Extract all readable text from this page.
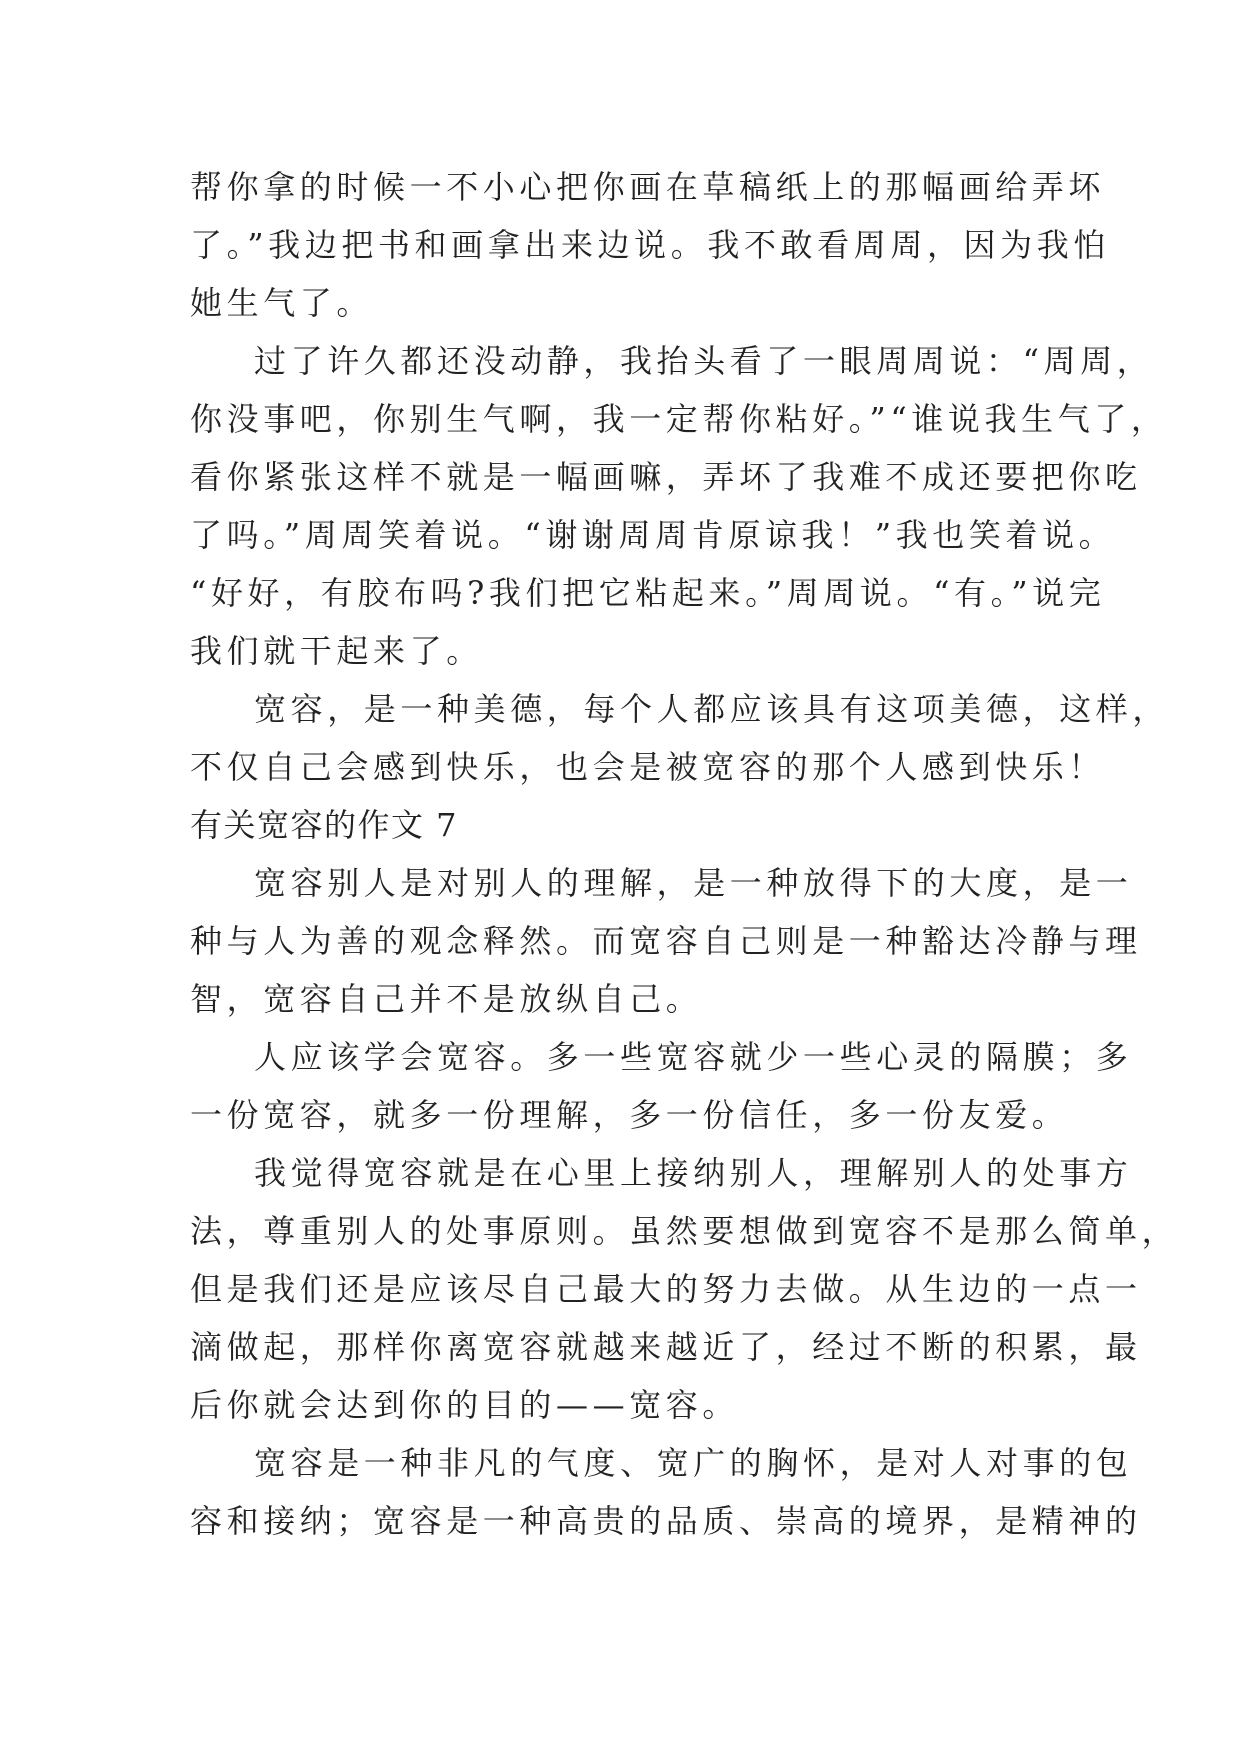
帮你拿的时候一不小心把你画在草稿纸上的那幅画给弄坏
了。”我边把书和画拿出来边说。我不敢看周周，因为我怕
她生气了。
过了许久都还没动静，我抬头看了一眼周周说：“周周，
你没事吧，你别生气啊，我一定帮你粘好。”“谁说我生气了，
看你紧张这样不就是一幅画嘛，弄坏了我难不成还要把你吃
了吗。”周周笑着说。“谢谢周周肯原谅我！”我也笑着说。
“好好，有胶布吗?我们把它粘起来。”周周说。“有。”说完
我们就干起来了。
宽容，是一种美德，每个人都应该具有这项美德，这样，
不仅自己会感到快乐，也会是被宽容的那个人感到快乐！
有关宽容的作文 7
宽容别人是对别人的理解，是一种放得下的大度，是一
种与人为善的观念释然。而宽容自己则是一种豁达冷静与理
智，宽容自己并不是放纵自己。
人应该学会宽容。多一些宽容就少一些心灵的隔膜；多
一份宽容，就多一份理解，多一份信任，多一份友爱。
我觉得宽容就是在心里上接纳别人，理解别人的处事方
法，尊重别人的处事原则。虽然要想做到宽容不是那么简单，
但是我们还是应该尽自己最大的努力去做。从生边的一点一
滴做起，那样你离宽容就越来越近了，经过不断的积累，最
后你就会达到你的目的——宽容。
宽容是一种非凡的气度、宽广的胸怀，是对人对事的包
容和接纳；宽容是一种高贵的品质、崇高的境界，是精神的
